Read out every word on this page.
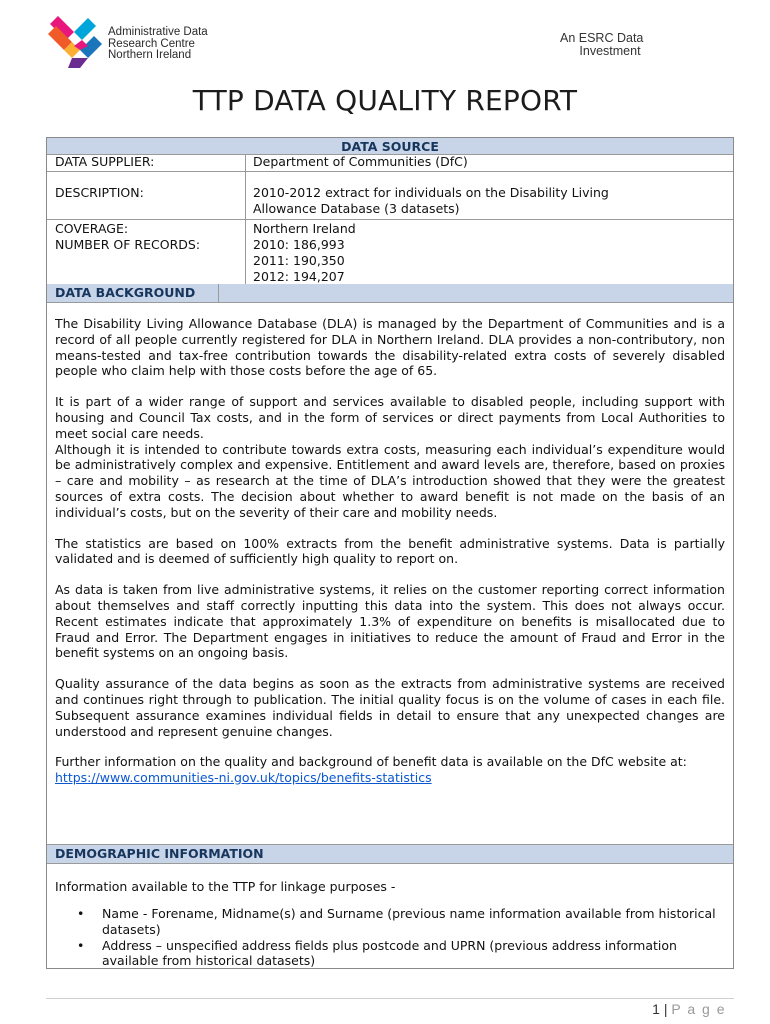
Administrative Data
Research Centre
Northern Ireland
An ESRC Data
Investment
TTP DATA QUALITY REPORT
DATA SOURCE
DATA SUPPLIER:	Department of Communities (DfC)
DESCRIPTION:	2010-2012 extract for individuals on the Disability Living
Allowance Database (3 datasets)
COVERAGE:	Northern Ireland
NUMBER OF RECORDS:	2010: 186,993
2011: 190,350
2012: 194,207
DATA BACKGROUND

The Disability Living Allowance Database (DLA) is managed by the Department of Communities and is a record of all people currently registered for DLA in Northern Ireland. DLA provides a non-contributory, non means-tested and tax-free contribution towards the disability-related extra costs of severely disabled people who claim help with those costs before the age of 65.

It is part of a wider range of support and services available to disabled people, including support with housing and Council Tax costs, and in the form of services or direct payments from Local Authorities to meet social care needs.

Although it is intended to contribute towards extra costs, measuring each individual’s expenditure would be administratively complex and expensive. Entitlement and award levels are, therefore, based on proxies – care and mobility – as research at the time of DLA’s introduction showed that they were the greatest sources of extra costs. The decision about whether to award benefit is not made on the basis of an individual’s costs, but on the severity of their care and mobility needs.

The statistics are based on 100% extracts from the benefit administrative systems. Data is partially validated and is deemed of sufficiently high quality to report on.

As data is taken from live administrative systems, it relies on the customer reporting correct information about themselves and staff correctly inputting this data into the system. This does not always occur. Recent estimates indicate that approximately 1.3% of expenditure on benefits is misallocated due to Fraud and Error. The Department engages in initiatives to reduce the amount of Fraud and Error in the benefit systems on an ongoing basis.

Quality assurance of the data begins as soon as the extracts from administrative systems are received and continues right through to publication. The initial quality focus is on the volume of cases in each file. Subsequent assurance examines individual fields in detail to ensure that any unexpected changes are understood and represent genuine changes.

Further information on the quality and background of benefit data is available on the DfC website at:

https://www.communities-ni.gov.uk/topics/benefits-statistics

DEMOGRAPHIC INFORMATION
Information available to the TTP for linkage purposes -
• Name - Forename, Midname(s) and Surname (previous name information available from historical datasets)
• Address – unspecified address fields plus postcode and UPRN (previous address information available from historical datasets)
1 | P a g e
